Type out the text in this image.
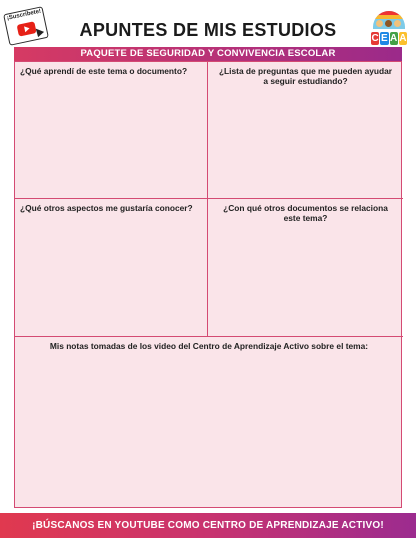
¡Suscríbete!
APUNTES DE MIS ESTUDIOS	C E A A
PAQUETE DE SEGURIDAD Y CONVIVENCIA ESCOLAR
¿Qué aprendí de este tema o documento?	¿Lista de preguntas que me pueden ayudar
a seguir estudiando?
¿Qué otros aspectos me gustaría conocer?	¿Con qué otros documentos se relaciona
este tema?
Mis notas tomadas de los video del Centro de Aprendizaje Activo sobre el tema:
¡BÚSCANOS EN YOUTUBE COMO CENTRO DE APRENDIZAJE ACTIVO!
